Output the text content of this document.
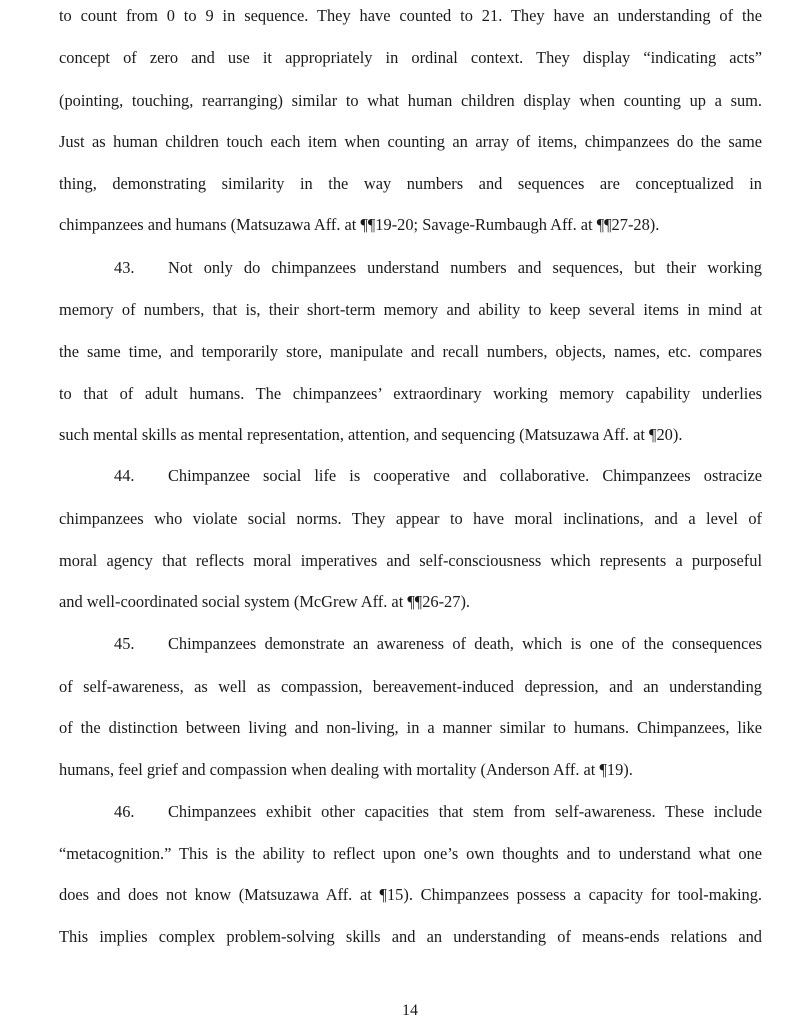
to count from 0 to 9 in sequence. They have counted to 21. They have an understanding of the
concept of zero and use it appropriately in ordinal context. They display “indicating acts”
(pointing, touching, rearranging) similar to what human children display when counting up a sum.
Just as human children touch each item when counting an array of items, chimpanzees do the same
thing, demonstrating similarity in the way numbers and sequences are conceptualized in
chimpanzees and humans (Matsuzawa Aff. at ¶¶19-20; Savage-Rumbaugh Aff. at ¶¶27-28).
43. Not only do chimpanzees understand numbers and sequences, but their working
memory of numbers, that is, their short-term memory and ability to keep several items in mind at
the same time, and temporarily store, manipulate and recall numbers, objects, names, etc. compares
to that of adult humans. The chimpanzees’ extraordinary working memory capability underlies
such mental skills as mental representation, attention, and sequencing (Matsuzawa Aff. at ¶20).
44. Chimpanzee social life is cooperative and collaborative. Chimpanzees ostracize
chimpanzees who violate social norms. They appear to have moral inclinations, and a level of
moral agency that reflects moral imperatives and self-consciousness which represents a purposeful
and well-coordinated social system (McGrew Aff. at ¶¶26-27).
45. Chimpanzees demonstrate an awareness of death, which is one of the consequences
of self-awareness, as well as compassion, bereavement-induced depression, and an understanding
of the distinction between living and non-living, in a manner similar to humans. Chimpanzees, like
humans, feel grief and compassion when dealing with mortality (Anderson Aff. at ¶19).
46. Chimpanzees exhibit other capacities that stem from self-awareness. These include
“metacognition.” This is the ability to reflect upon one’s own thoughts and to understand what one
does and does not know (Matsuzawa Aff. at ¶15). Chimpanzees possess a capacity for tool-making.
This implies complex problem-solving skills and an understanding of means-ends relations and
14
